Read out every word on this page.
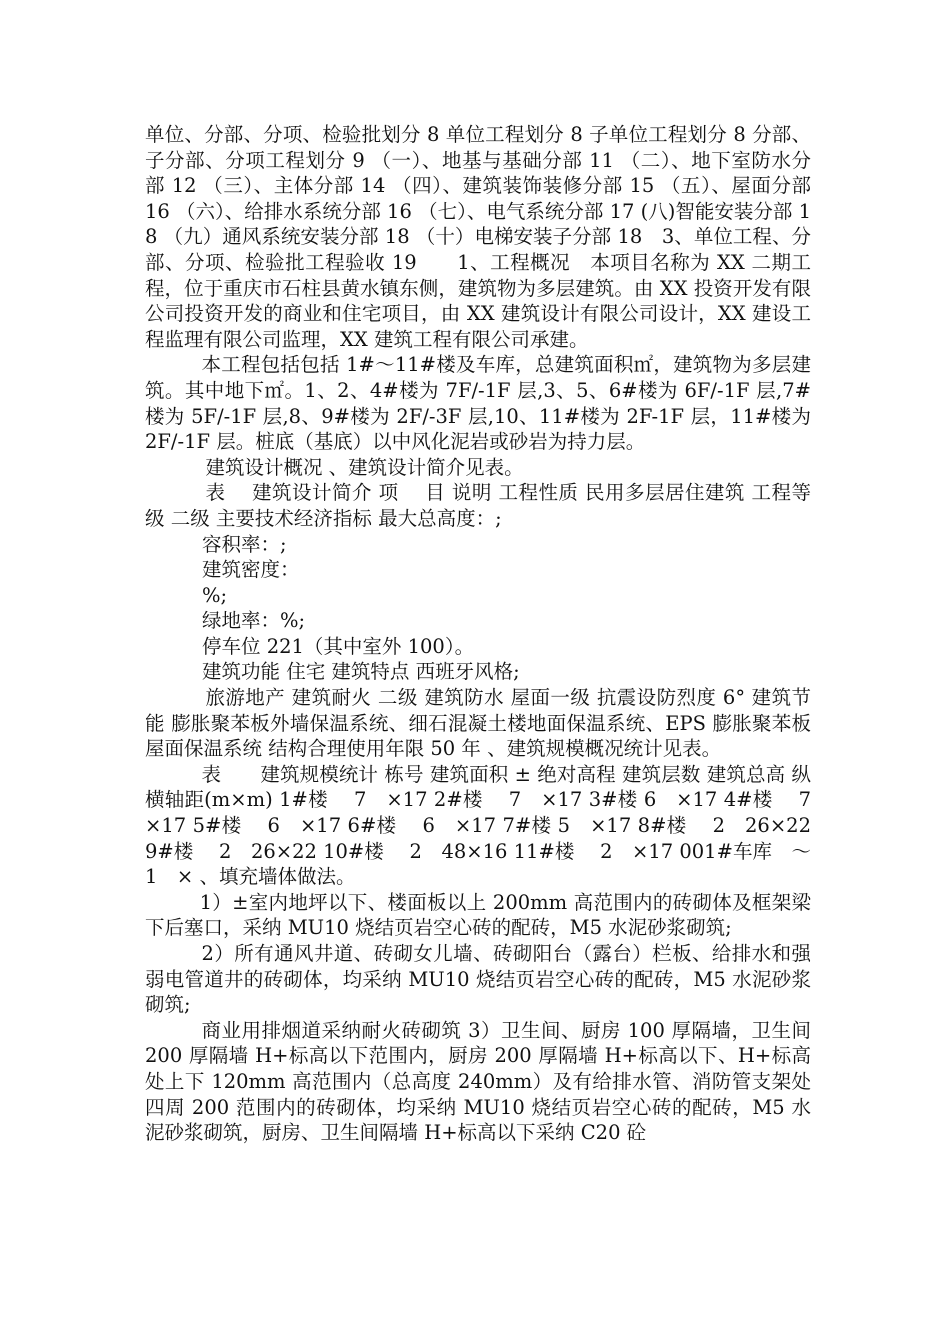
单位、分部、分项、检验批划分 8 单位工程划分 8 子单位工程划分 8 分部、子分部、分项工程划分 9 （一）、地基与基础分部 11 （二）、地下室防水分部 12 （三）、主体分部 14 （四）、建筑装饰装修分部 15 （五）、屋面分部 16 （六）、给排水系统分部 16 （七）、电气系统分部 17 (八)智能安装分部 18 （九）通风系统安装分部 18 （十）电梯安装子分部 18　3、单位工程、分部、分项、检验批工程验收 19　　1、工程概况　本项目名称为 XX 二期工程，位于重庆市石柱县黄水镇东侧，建筑物为多层建筑。由 XX 投资开发有限公司投资开发的商业和住宅项目，由 XX 建筑设计有限公司设计，XX 建设工程监理有限公司监理，XX 建筑工程有限公司承建。

本工程包括包括 1#～11#楼及车库，总建筑面积㎡，建筑物为多层建筑。其中地下㎡。1、2、4#楼为 7F/-1F 层,3、5、6#楼为 6F/-1F 层,7#楼为 5F/-1F 层,8、9#楼为 2F/-3F 层,10、11#楼为 2F-1F 层，11#楼为 2F/-1F 层。桩底（基底）以中风化泥岩或砂岩为持力层。

建筑设计概况 、建筑设计简介见表。

表　 建筑设计简介 项　 目 说明 工程性质 民用多层居住建筑 工程等级 二级 主要技术经济指标 最大总高度：;

容积率：;

建筑密度：

%;

绿地率：%;

停车位 221（其中室外 100）。

建筑功能 住宅 建筑特点 西班牙风格;

旅游地产 建筑耐火 二级 建筑防水 屋面一级 抗震设防烈度 6° 建筑节能 膨胀聚苯板外墙保温系统、细石混凝土楼地面保温系统、EPS 膨胀聚苯板屋面保温系统 结构合理使用年限 50 年 、建筑规模概况统计见表。

表　　建筑规模统计 栋号 建筑面积 ± 绝对高程 建筑层数 建筑总高 纵横轴距(m×m) 1#楼　 7　×17 2#楼　 7　×17 3#楼 6　×17 4#楼　 7　×17 5#楼　 6　×17 6#楼　 6　×17 7#楼 5　×17 8#楼　 2　26×22 9#楼　 2　26×22 10#楼　 2　48×16 11#楼　 2　×17 001#车库　～ 1　× 、填充墙体做法。

1）±室内地坪以下、楼面板以上 200mm 高范围内的砖砌体及框架梁下后塞口，采纳 MU10 烧结页岩空心砖的配砖，M5 水泥砂浆砌筑;

2）所有通风井道、砖砌女儿墙、砖砌阳台（露台）栏板、给排水和强弱电管道井的砖砌体，均采纳 MU10 烧结页岩空心砖的配砖，M5 水泥砂浆砌筑;

商业用排烟道采纳耐火砖砌筑 3）卫生间、厨房 100 厚隔墙，卫生间 200 厚隔墙 H+标高以下范围内，厨房 200 厚隔墙 H+标高以下、H+标高处上下 120mm 高范围内（总高度 240mm）及有给排水管、消防管支架处四周 200 范围内的砖砌体，均采纳 MU10 烧结页岩空心砖的配砖，M5 水泥砂浆砌筑，厨房、卫生间隔墙 H+标高以下采纳 C20 砼
